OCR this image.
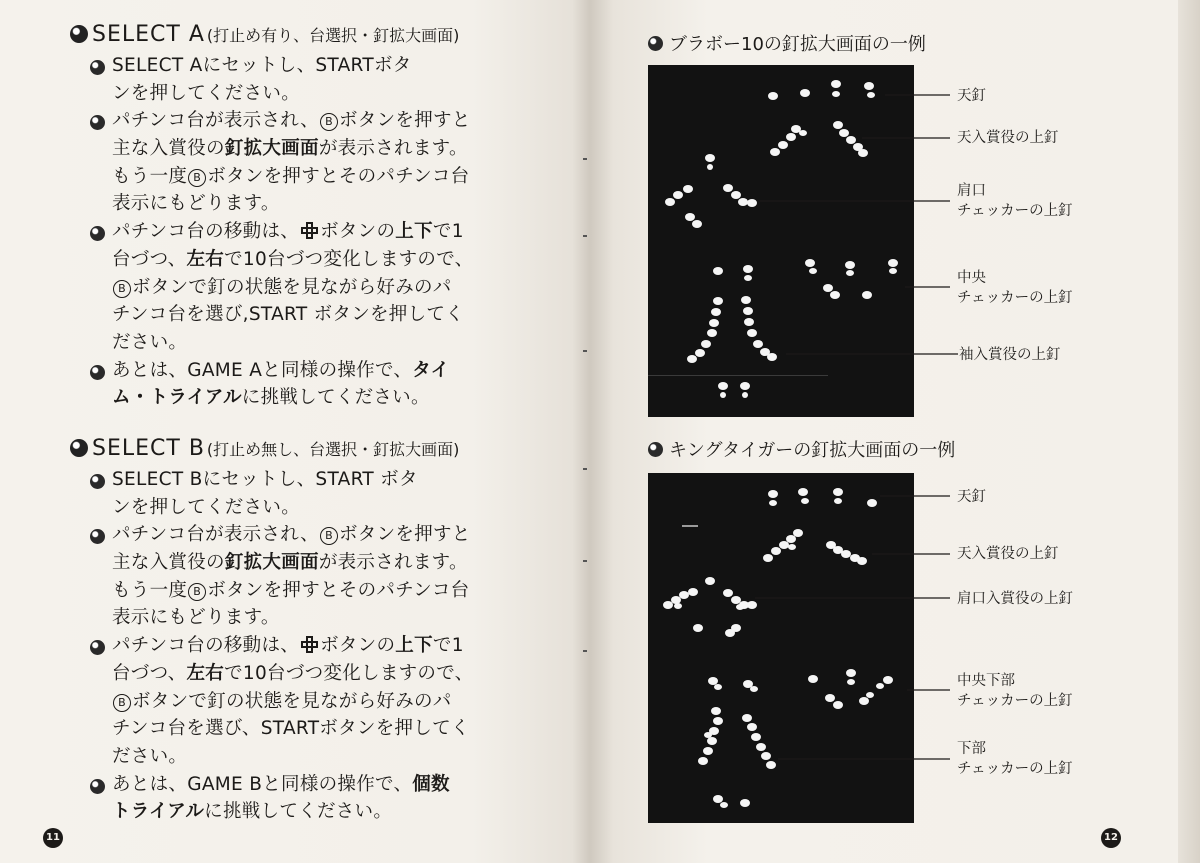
SELECT A (打止め有り、台選択・釘拡大画面)
SELECT Aにセットし、STARTボタ
ンを押してください。
パチンコ台が表示され、 B ボタンを押すと
主な入賞役の釘拡大画面が表示されます。
もう一度 B ボタンを押すとそのパチンコ台
表示にもどります。
パチンコ台の移動は、 ボタンの上下で1
台づつ、左右で10台づつ変化しますので、
B ボタンで釘の状態を見ながら好みのパ
チンコ台を選び,START ボタンを押してく
ださい。
あとは、GAME Aと同様の操作で、タイ
ム・トライアルに挑戦してください。
SELECT B (打止め無し、台選択・釘拡大画面)
SELECT Bにセットし、START ボタ
ンを押してください。
パチンコ台が表示され、 B ボタンを押すと
主な入賞役の釘拡大画面が表示されます。
もう一度 B ボタンを押すとそのパチンコ台
表示にもどります。
パチンコ台の移動は、 ボタンの上下で1
台づつ、左右で10台づつ変化しますので、
B ボタンで釘の状態を見ながら好みのパ
チンコ台を選び、STARTボタンを押してく
ださい。
あとは、GAME Bと同様の操作で、個数
トライアルに挑戦してください。
11
ブラボー10の釘拡大画面の一例
キングタイガーの釘拡大画面の一例
天釘
天入賞役の上釘
肩口
チェッカーの上釘
中央
チェッカーの上釘
袖入賞役の上釘
天釘
天入賞役の上釘
肩口入賞役の上釘
中央下部
チェッカーの上釘
下部
チェッカーの上釘
12
